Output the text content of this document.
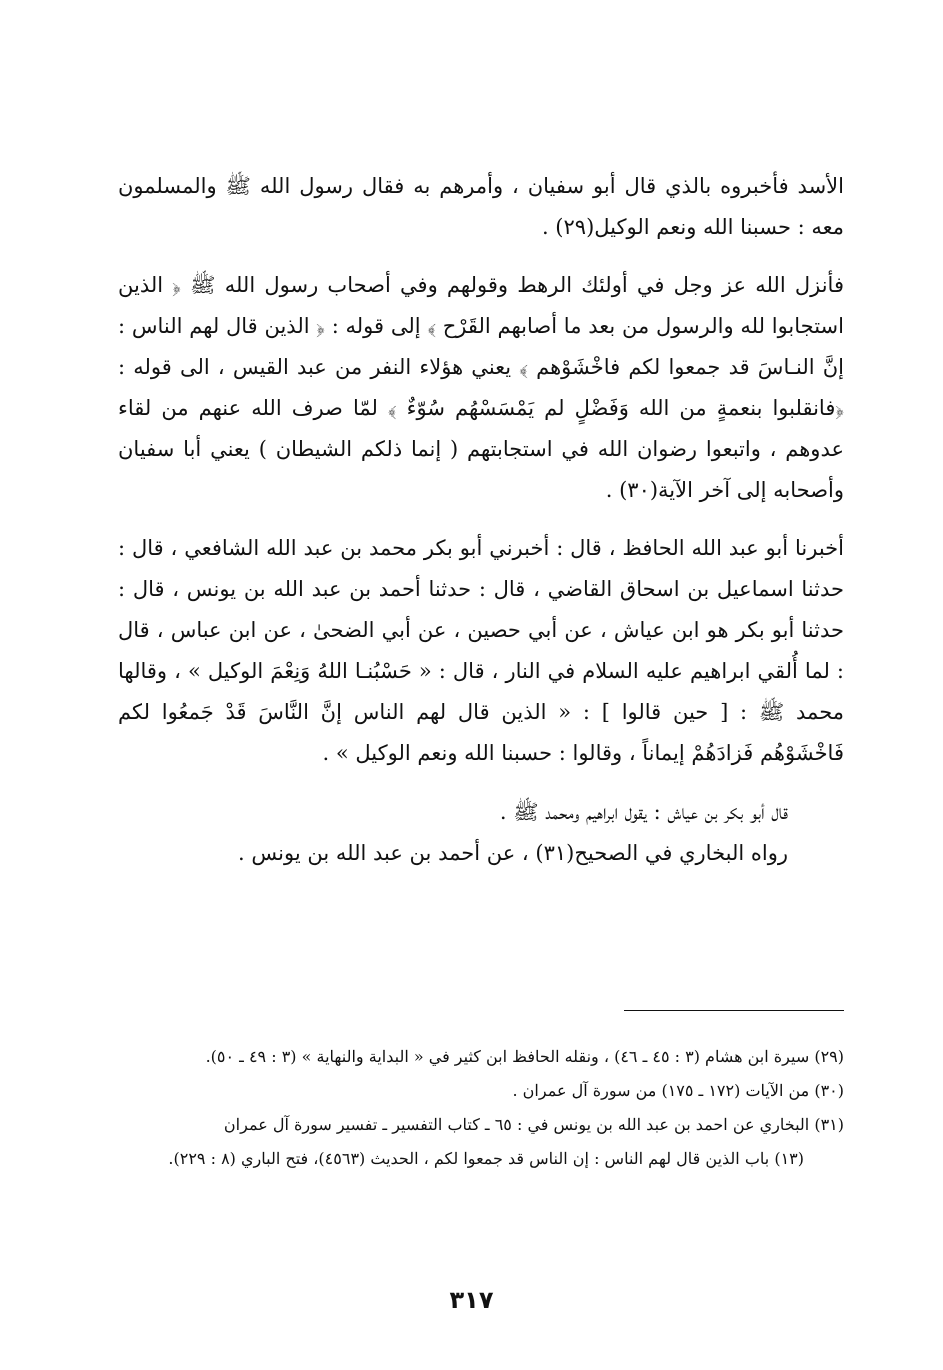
الأسد فأخبروه بالذي قال أبو سفيان ، وأمرهم به فقال رسول الله ﷺ والمسلمون معه : حسبنا الله ونعم الوكيل(٢٩) .

فأنزل الله عز وجل في أولئك الرهط وقولهم وفي أصحاب رسول الله ﷺ ﴿ الذين استجابوا لله والرسول من بعد ما أصابهم القَرْح ﴾ إلى قوله : ﴿ الذين قال لهم الناس : إنَّ النـاسَ قد جمعوا لكم فاخْشَوْهم ﴾ يعني هؤلاء النفر من عبد القيس ، الى قوله : ﴿فانقلبوا بنعمةٍ من الله وَفَضْلٍ لم يَمْسَسْهُم سُوّءٌ ﴾ لمّا صرف الله عنهم من لقاء عدوهم ، واتبعوا رضوان الله في استجابتهم ( إنما ذلكم الشيطان ) يعني أبا سفيان وأصحابه إلى آخر الآية(٣٠) .

أخبرنا أبو عبد الله الحافظ ، قال : أخبرني أبو بكر محمد بن عبد الله الشافعي ، قال : حدثنا اسماعيل بن اسحاق القاضي ، قال : حدثنا أحمد بن عبد الله بن يونس ، قال : حدثنا أبو بكر هو ابن عياش ، عن أبي حصين ، عن أبي الضحىٰ ، عن ابن عباس ، قال : لما أُلقي ابراهيم عليه السلام في النار ، قال : « حَسْبُنـا اللهُ وَنِعْمَ الوكيل » ، وقالها محمد ﷺ : [ حين قالوا ] : « الذين قال لهم الناس إنَّ النَّاسَ قَدْ جَمعُوا لكم فَاخْشَوْهُم فَزادَهُمْ إيماناً ، وقالوا : حسبنا الله ونعم الوكيل » .

قال أبو بكر بن عياش : يقول ابراهيم ومحمد ﷺ .

رواه البخاري في الصحيح(٣١) ، عن أحمد بن عبد الله بن يونس .

(٢٩) سيرة ابن هشام (٣ : ٤٥ ـ ٤٦) ، ونقله الحافظ ابن كثير في « البداية والنهاية » (٣ : ٤٩ ـ ٥٠).

(٣٠) من الآيات (١٧٢ ـ ١٧٥) من سورة آل عمران .

(٣١) البخاري عن احمد بن عبد الله بن يونس في : ٦٥ ـ كتاب التفسير ـ تفسير سورة آل عمران

(١٣) باب الذين قال لهم الناس : إن الناس قد جمعوا لكم ، الحديث (٤٥٦٣)، فتح الباري (٨ : ٢٢٩).

٣١٧
